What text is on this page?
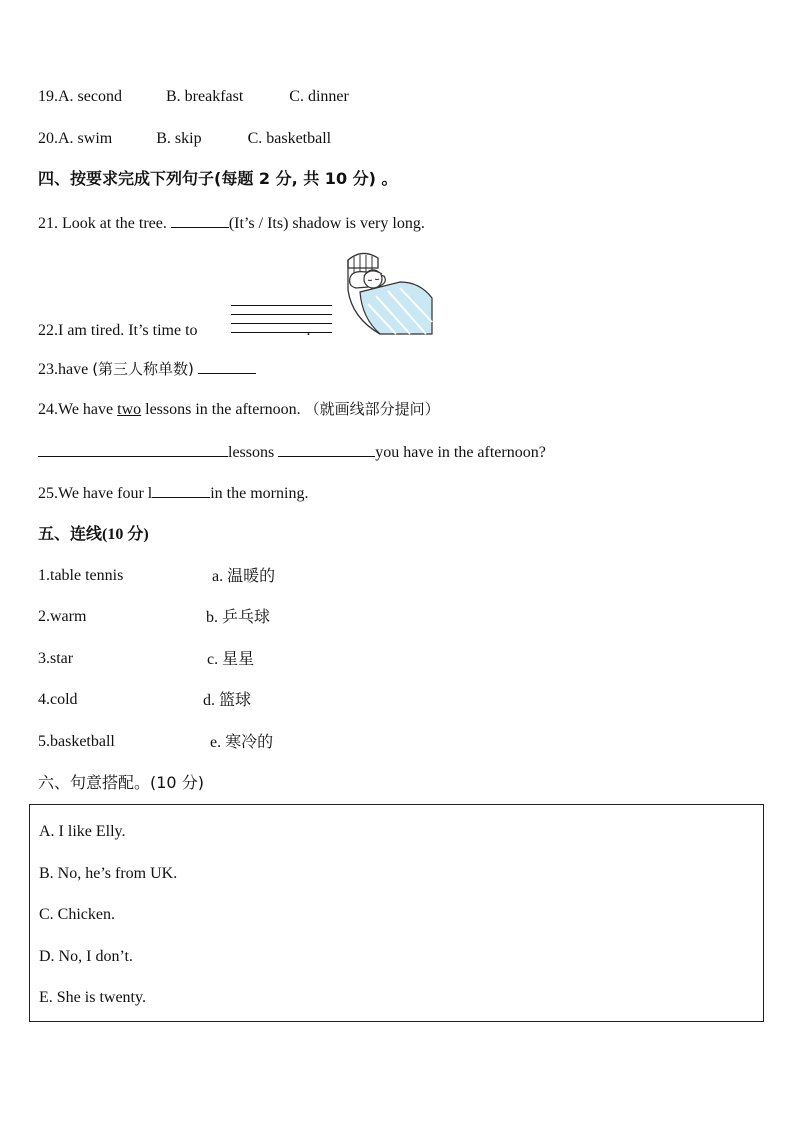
19.A. second	B. breakfast	C. dinner
20.A. swim	B. skip	C. basketball
四、按要求完成下列句子(每题 2 分, 共 10 分) 。
21. Look at the tree.	(It’s / Its) shadow is very long.
22.I am tired. It’s time to	.
23.have (第三人称单数)
24.We have two lessons in the afternoon. （就画线部分提问）
lessons	you have in the afternoon?
25.We have four l	in the morning.
五、连线(10 分)
1.table tennis	a. 温暖的
2.warm	b. 乒乓球
3.star	c. 星星
4.cold	d. 篮球
5.basketball	e. 寒冷的
六、句意搭配。(10 分)
A. I like Elly.
B. No, he’s from UK.
C. Chicken.
D. No, I don’t.
E. She is twenty.
